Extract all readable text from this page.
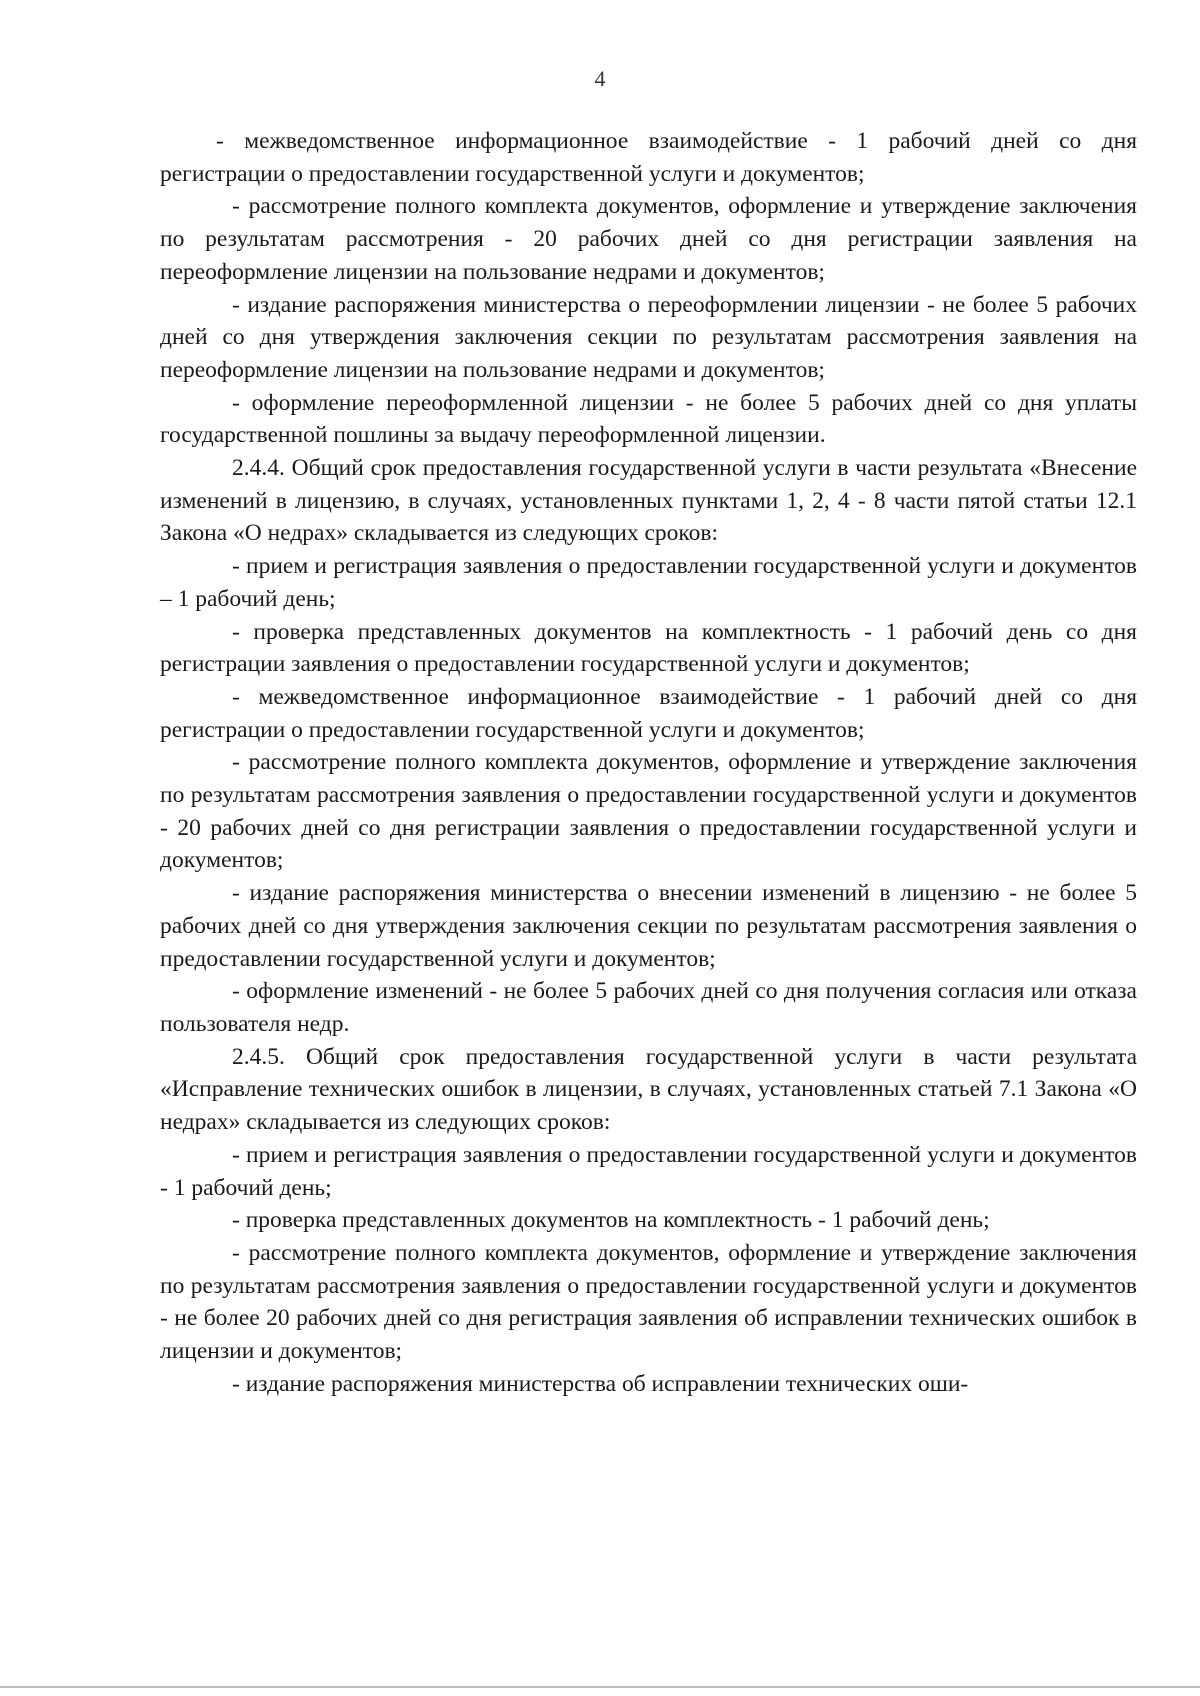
4

- межведомственное информационное взаимодействие - 1 рабочий дней со дня регистрации о предоставлении государственной услуги и документов;

- рассмотрение полного комплекта документов, оформление и утверждение заключения по результатам рассмотрения - 20 рабочих дней со дня регистрации заявления на переоформление лицензии на пользование недрами и документов;

- издание распоряжения министерства о переоформлении лицензии - не более 5 рабочих дней со дня утверждения заключения секции по результатам рассмотрения заявления на переоформление лицензии на пользование недрами и документов;

- оформление переоформленной лицензии - не более 5 рабочих дней со дня уплаты государственной пошлины за выдачу переоформленной лицензии.

2.4.4. Общий срок предоставления государственной услуги в части результата «Внесение изменений в лицензию, в случаях, установленных пунктами 1, 2, 4 - 8 части пятой статьи 12.1 Закона «О недрах» складывается из следующих сроков:

- прием и регистрация заявления о предоставлении государственной услуги и документов – 1 рабочий день;

- проверка представленных документов на комплектность - 1 рабочий день со дня регистрации заявления о предоставлении государственной услуги и документов;

- межведомственное информационное взаимодействие - 1 рабочий дней со дня регистрации о предоставлении государственной услуги и документов;

- рассмотрение полного комплекта документов, оформление и утверждение заключения по результатам рассмотрения заявления о предоставлении государственной услуги и документов - 20 рабочих дней со дня регистрации заявления о предоставлении государственной услуги и документов;

- издание распоряжения министерства о внесении изменений в лицензию - не более 5 рабочих дней со дня утверждения заключения секции по результатам рассмотрения заявления о предоставлении государственной услуги и документов;

- оформление изменений - не более 5 рабочих дней со дня получения согласия или отказа пользователя недр.

2.4.5. Общий срок предоставления государственной услуги в части результата «Исправление технических ошибок в лицензии, в случаях, установленных статьей 7.1 Закона «О недрах» складывается из следующих сроков:

- прием и регистрация заявления о предоставлении государственной услуги и документов - 1 рабочий день;

- проверка представленных документов на комплектность - 1 рабочий день;

- рассмотрение полного комплекта документов, оформление и утверждение заключения по результатам рассмотрения заявления о предоставлении государственной услуги и документов - не более 20 рабочих дней со дня регистрация заявления об исправлении технических ошибок в лицензии и документов;

- издание распоряжения министерства об исправлении технических оши-
